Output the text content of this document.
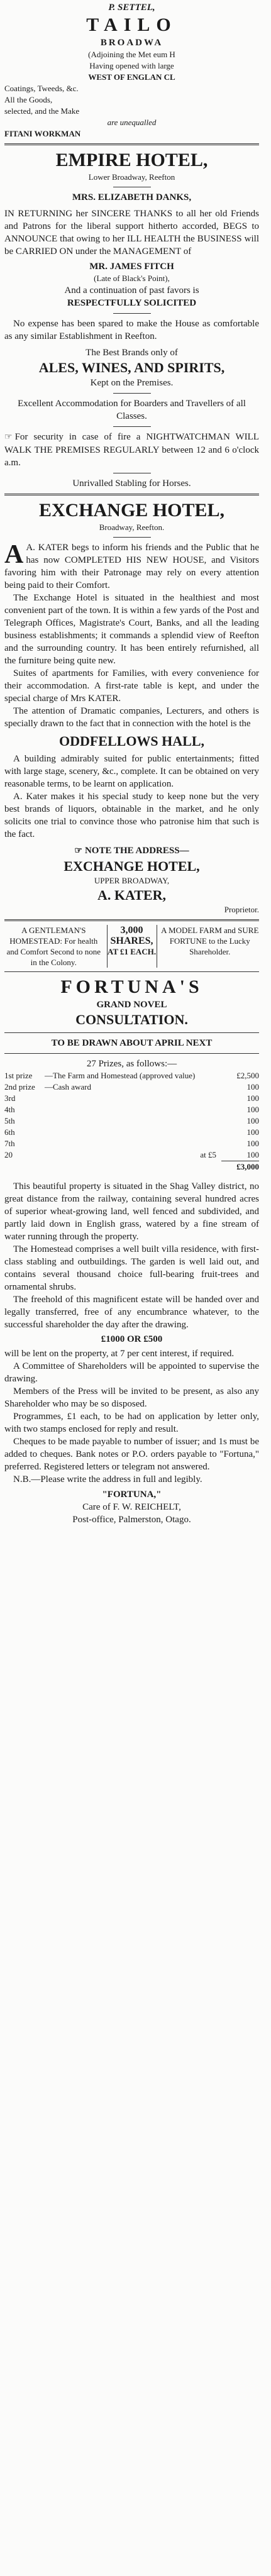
P. SETTEL,

TAILO

BROADWA

(Adjoining the Met eum H

Having opened with large

WEST OF ENGLAN CL

Coatings, Tweeds, &c.

All the Goods,

selected, and the Make

are unequalled

FITANI WORKMAN

EMPIRE HOTEL,

Lower Broadway, Reefton

MRS. ELIZABETH DANKS,

IN RETURNING her SINCERE THANKS to all her old Friends and Patrons for the liberal support hitherto accorded, BEGS to ANNOUNCE that owing to her ILL HEALTH the BUSINESS will be CARRIED ON under the MANAGEMENT of

MR. JAMES FITCH

(Late of Black's Point),

And a continuation of past favors is

RESPECTFULLY SOLICITED

No expense has been spared to make the House as comfortable as any similar Establishment in Reefton.

The Best Brands only of

ALES, WINES, AND SPIRITS,

Kept on the Premises.

Excellent Accommodation for Boarders and Travellers of all Classes.

☞ For security in case of fire a NIGHTWATCHMAN WILL WALK THE PREMISES REGULARLY between 12 and 6 o'clock a.m.

Unrivalled Stabling for Horses.

EXCHANGE HOTEL,

Broadway, Reefton.

A A. KATER begs to inform his friends and the Public that he has now COMPLETED HIS NEW HOUSE, and Visitors favoring him with their Patronage may rely on every attention being paid to their Comfort.

The Exchange Hotel is situated in the healthiest and most convenient part of the town. It is within a few yards of the Post and Telegraph Offices, Magistrate's Court, Banks, and all the leading business establishments; it commands a splendid view of Reefton and the surrounding country. It has been entirely refurnished, all the furniture being quite new.

Suites of apartments for Families, with every convenience for their accommodation. A first-rate table is kept, and under the special charge of Mrs KATER.

The attention of Dramatic companies, Lecturers, and others is specially drawn to the fact that in connection with the hotel is the

ODDFELLOWS HALL,

A building admirably suited for public entertainments; fitted with large stage, scenery, &c., complete. It can be obtained on very reasonable terms, to be learnt on application.

A. Kater makes it his special study to keep none but the very best brands of liquors, obtainable in the market, and he only solicits one trial to convince those who patronise him that such is the fact.

☞ NOTE THE ADDRESS—

EXCHANGE HOTEL,

UPPER BROADWAY,

A. KATER,

Proprietor.

A GENTLEMAN'S HOMESTEAD: For health and Comfort Second to none in the Colony.
3,000
SHARES,
AT £1 EACH.
A MODEL FARM and SURE FORTUNE to the Lucky Shareholder.

FORTUNA'S

GRAND NOVEL

CONSULTATION.

TO BE DRAWN ABOUT APRIL NEXT

27 Prizes, as follows:—

1st prize	—The Farm and Homestead (approved value)	£2,500
2nd prize	—Cash award	100
3rd	100
4th	100
5th	100
6th	100
7th	100
20	at £5	100
£3,000

This beautiful property is situated in the Shag Valley district, no great distance from the railway, containing several hundred acres of superior wheat-growing land, well fenced and subdivided, and partly laid down in English grass, watered by a fine stream of water running through the property.

The Homestead comprises a well built villa residence, with first-class stabling and outbuildings. The garden is well laid out, and contains several thousand choice full-bearing fruit-trees and ornamental shrubs.

The freehold of this magnificent estate will be handed over and legally transferred, free of any encumbrance whatever, to the successful shareholder the day after the drawing.

£1000 OR £500

will be lent on the property, at 7 per cent interest, if required.

A Committee of Shareholders will be appointed to supervise the drawing.

Members of the Press will be invited to be present, as also any Shareholder who may be so disposed.

Programmes, £1 each, to be had on application by letter only, with two stamps enclosed for reply and result.

Cheques to be made payable to number of issuer; and 1s must be added to cheques. Bank notes or P.O. orders payable to "Fortuna," preferred. Registered letters or telegram not answered.

N.B.—Please write the address in full and legibly.

"FORTUNA,"

Care of F. W. REICHELT,

Post-office, Palmerston, Otago.
